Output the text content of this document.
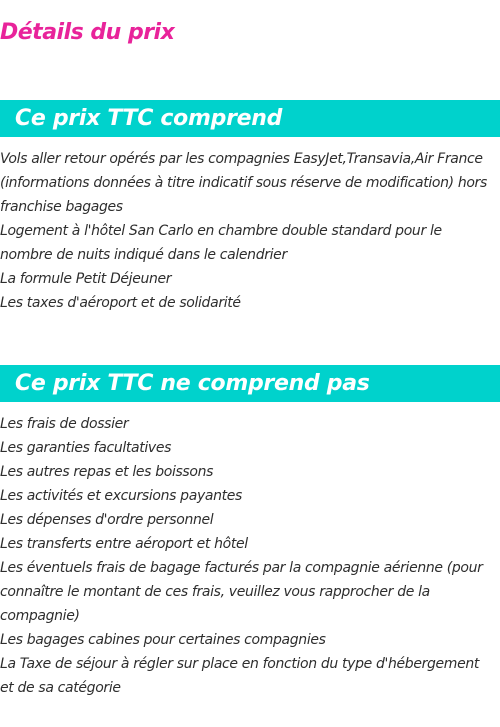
Détails du prix
Ce prix TTC comprend
Vols aller retour opérés par les compagnies EasyJet,Transavia,Air France (informations données à titre indicatif sous réserve de modification) hors franchise bagages
Logement à l'hôtel San Carlo en chambre double standard pour le nombre de nuits indiqué dans le calendrier
La formule Petit Déjeuner
Les taxes d'aéroport et de solidarité
Ce prix TTC ne comprend pas
Les frais de dossier
Les garanties facultatives
Les autres repas et les boissons
Les activités et excursions payantes
Les dépenses d'ordre personnel
Les transferts entre aéroport et hôtel
Les éventuels frais de bagage facturés par la compagnie aérienne (pour connaître le montant de ces frais, veuillez vous rapprocher de la compagnie)
Les bagages cabines pour certaines compagnies
La Taxe de séjour à régler sur place en fonction du type d'hébergement et de sa catégorie
